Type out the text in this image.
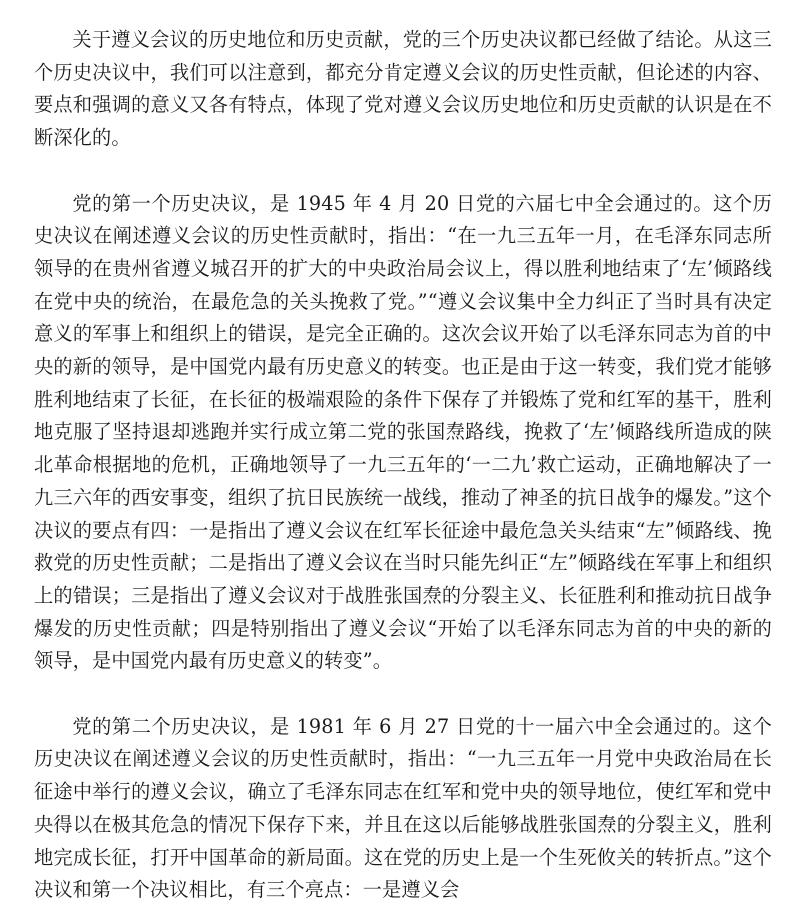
关于遵义会议的历史地位和历史贡献，党的三个历史决议都已经做了结论。从这三个历史决议中，我们可以注意到，都充分肯定遵义会议的历史性贡献，但论述的内容、要点和强调的意义又各有特点，体现了党对遵义会议历史地位和历史贡献的认识是在不断深化的。

党的第一个历史决议，是 1945 年 4 月 20 日党的六届七中全会通过的。这个历史决议在阐述遵义会议的历史性贡献时，指出：“在一九三五年一月，在毛泽东同志所领导的在贵州省遵义城召开的扩大的中央政治局会议上，得以胜利地结束了‘左’倾路线在党中央的统治，在最危急的关头挽救了党。”“遵义会议集中全力纠正了当时具有决定意义的军事上和组织上的错误，是完全正确的。这次会议开始了以毛泽东同志为首的中央的新的领导，是中国党内最有历史意义的转变。也正是由于这一转变，我们党才能够胜利地结束了长征，在长征的极端艰险的条件下保存了并锻炼了党和红军的基干，胜利地克服了坚持退却逃跑并实行成立第二党的张国焘路线，挽救了‘左’倾路线所造成的陕北革命根据地的危机，正确地领导了一九三五年的‘一二九’救亡运动，正确地解决了一九三六年的西安事变，组织了抗日民族统一战线，推动了神圣的抗日战争的爆发。”这个决议的要点有四：一是指出了遵义会议在红军长征途中最危急关头结束“左”倾路线、挽救党的历史性贡献；二是指出了遵义会议在当时只能先纠正“左”倾路线在军事上和组织上的错误；三是指出了遵义会议对于战胜张国焘的分裂主义、长征胜利和推动抗日战争爆发的历史性贡献；四是特别指出了遵义会议“开始了以毛泽东同志为首的中央的新的领导，是中国党内最有历史意义的转变”。

党的第二个历史决议，是 1981 年 6 月 27 日党的十一届六中全会通过的。这个历史决议在阐述遵义会议的历史性贡献时，指出：“一九三五年一月党中央政治局在长征途中举行的遵义会议，确立了毛泽东同志在红军和党中央的领导地位，使红军和党中央得以在极其危急的情况下保存下来，并且在这以后能够战胜张国焘的分裂主义，胜利地完成长征，打开中国革命的新局面。这在党的历史上是一个生死攸关的转折点。”这个决议和第一个决议相比，有三个亮点：一是遵义会
